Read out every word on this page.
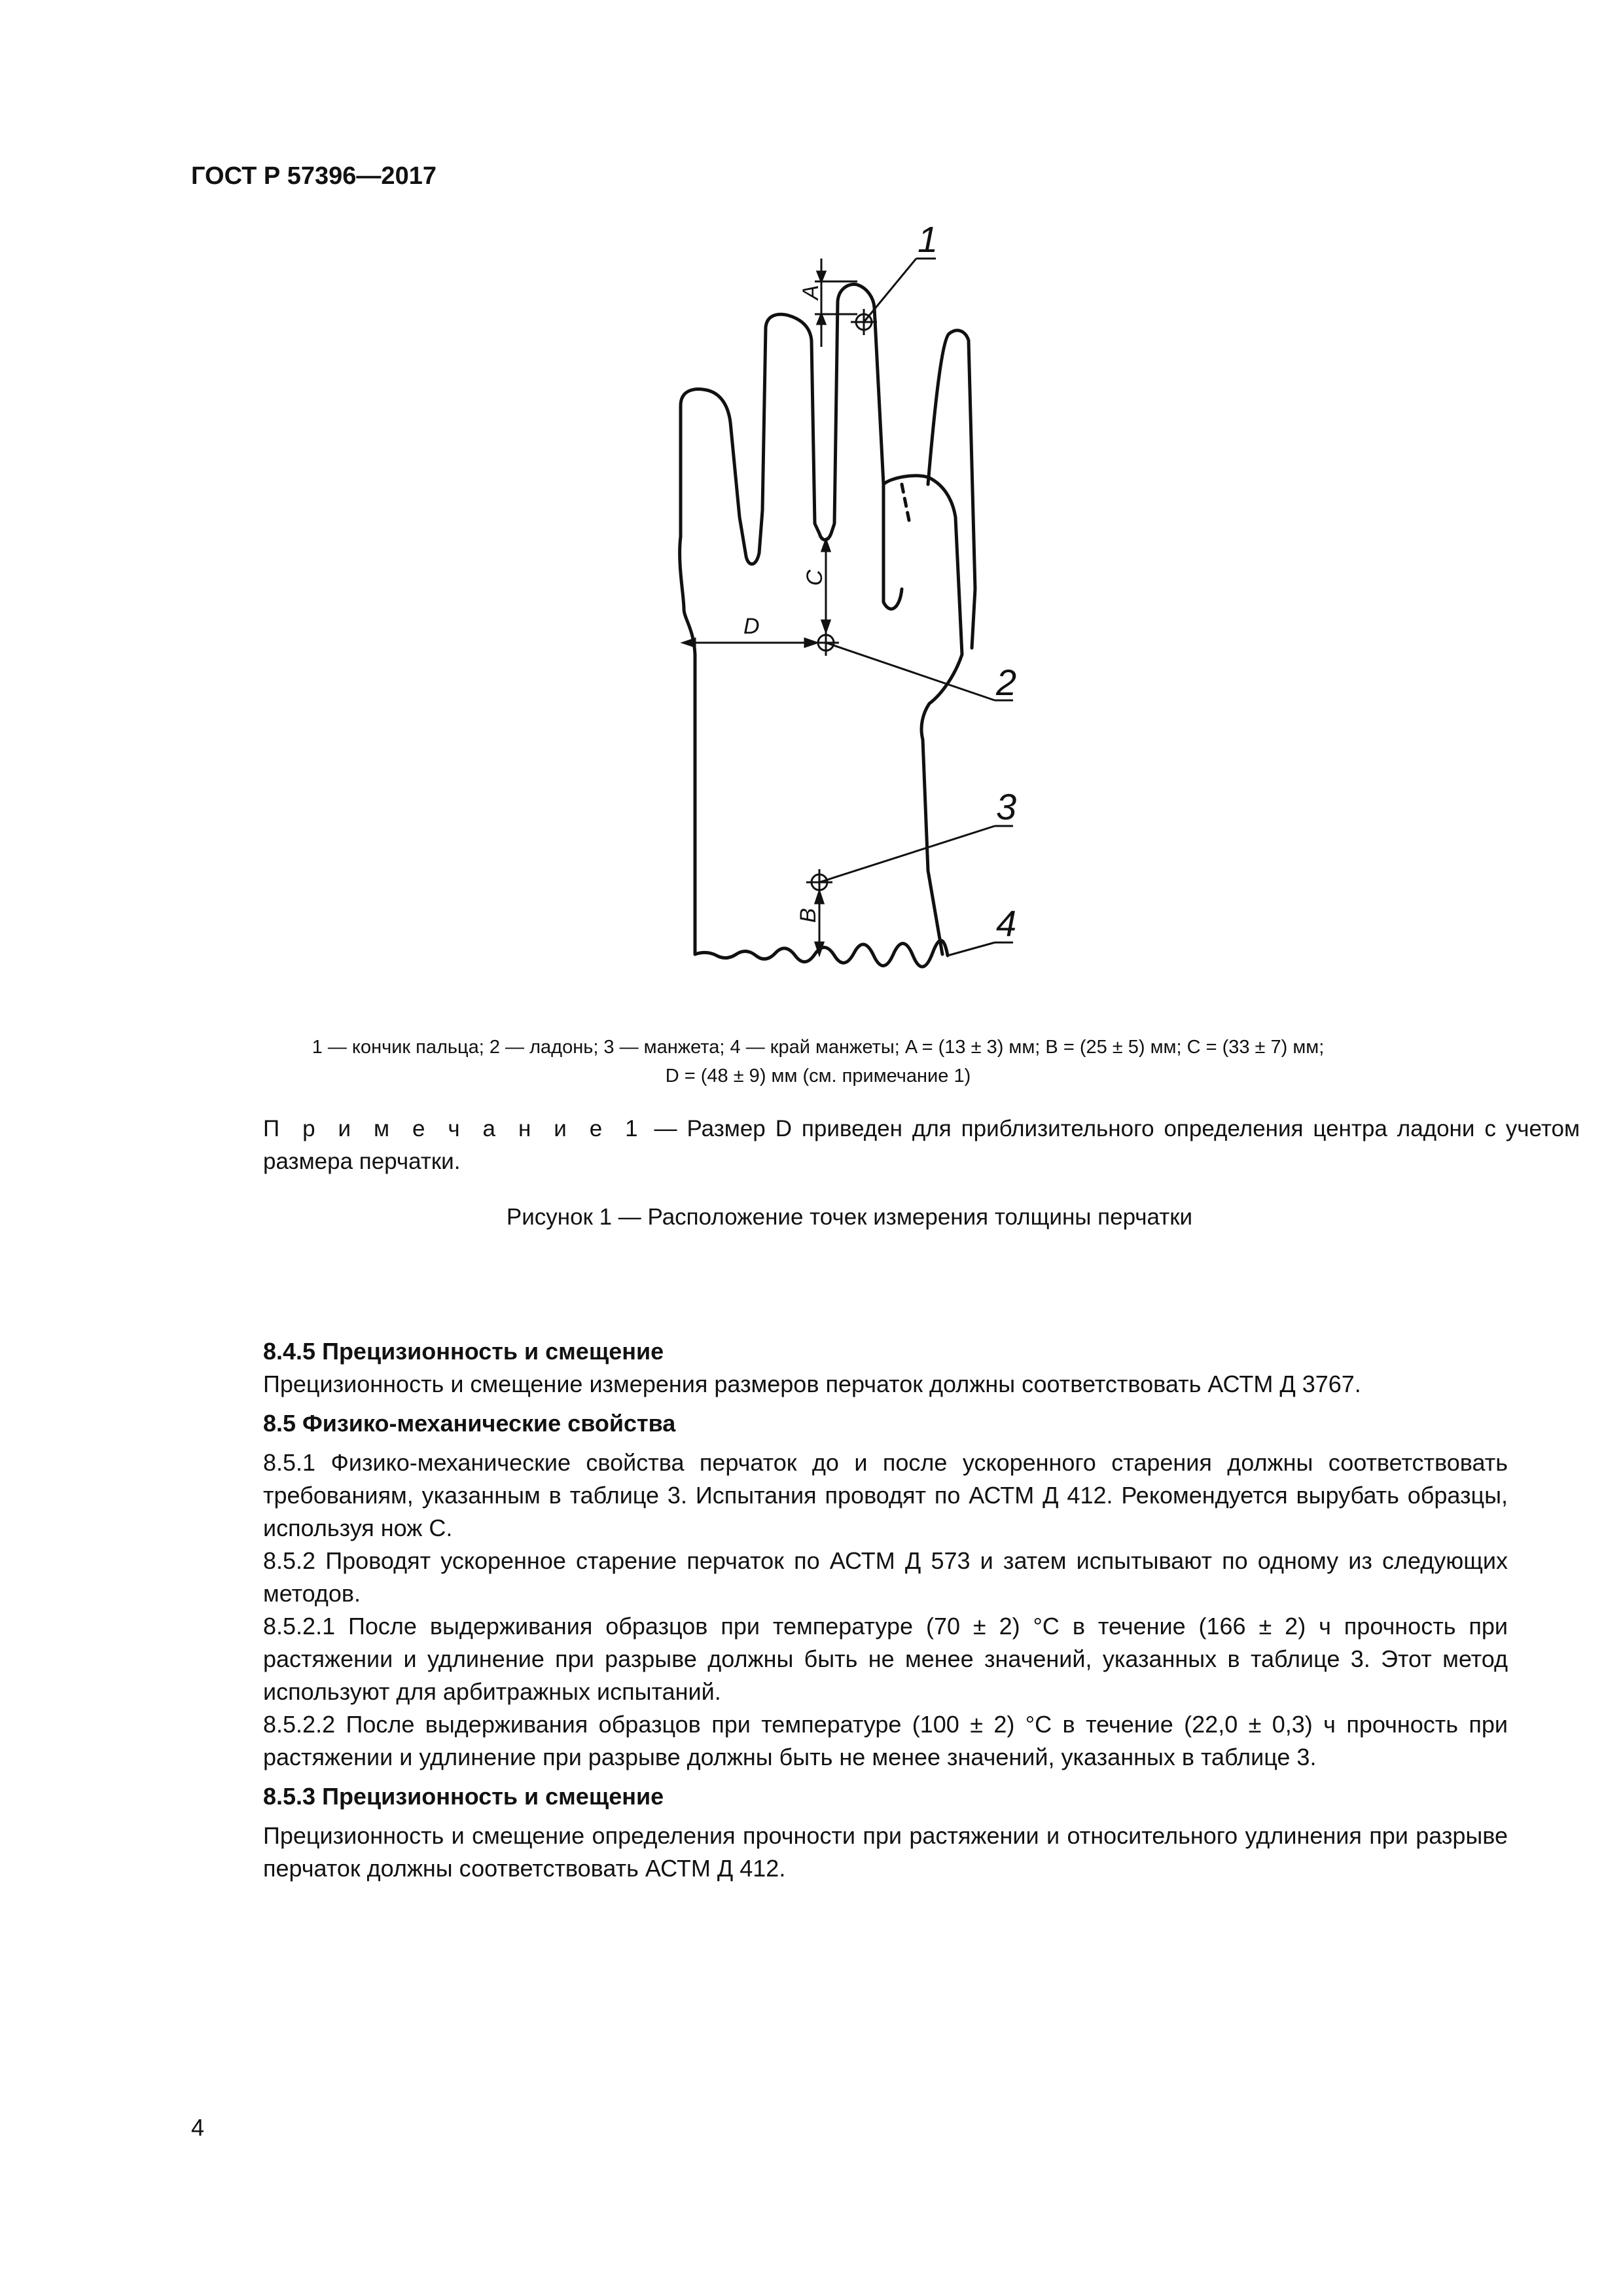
ГОСТ Р 57396—2017
1
2
3
4
A
B
C
D
1 — кончик пальца; 2 — ладонь; 3 — манжета; 4 — край манжеты; A = (13 ± 3) мм; B = (25 ± 5) мм; C = (33 ± 7) мм;
D = (48 ± 9) мм (см. примечание 1)
П р и м е ч а н и е 1 — Размер D приведен для приблизительного определения центра ладони с учетом размера перчатки.
Рисунок 1 — Расположение точек измерения толщины перчатки
8.4.5 Прецизионность и смещение

Прецизионность и смещение измерения размеров перчаток должны соответствовать АСТМ Д 3767.

8.5 Физико-механические свойства

8.5.1 Физико-механические свойства перчаток до и после ускоренного старения должны соответствовать требованиям, указанным в таблице 3. Испытания проводят по АСТМ Д 412. Рекомендуется вырубать образцы, используя нож C.

8.5.2 Проводят ускоренное старение перчаток по АСТМ Д 573 и затем испытывают по одному из следующих методов.

8.5.2.1 После выдерживания образцов при температуре (70 ± 2) °C в течение (166 ± 2) ч прочность при растяжении и удлинение при разрыве должны быть не менее значений, указанных в таблице 3. Этот метод используют для арбитражных испытаний.

8.5.2.2 После выдерживания образцов при температуре (100 ± 2) °C в течение (22,0 ± 0,3) ч прочность при растяжении и удлинение при разрыве должны быть не менее значений, указанных в таблице 3.

8.5.3 Прецизионность и смещение

Прецизионность и смещение определения прочности при растяжении и относительного удлинения при разрыве перчаток должны соответствовать АСТМ Д 412.

4
